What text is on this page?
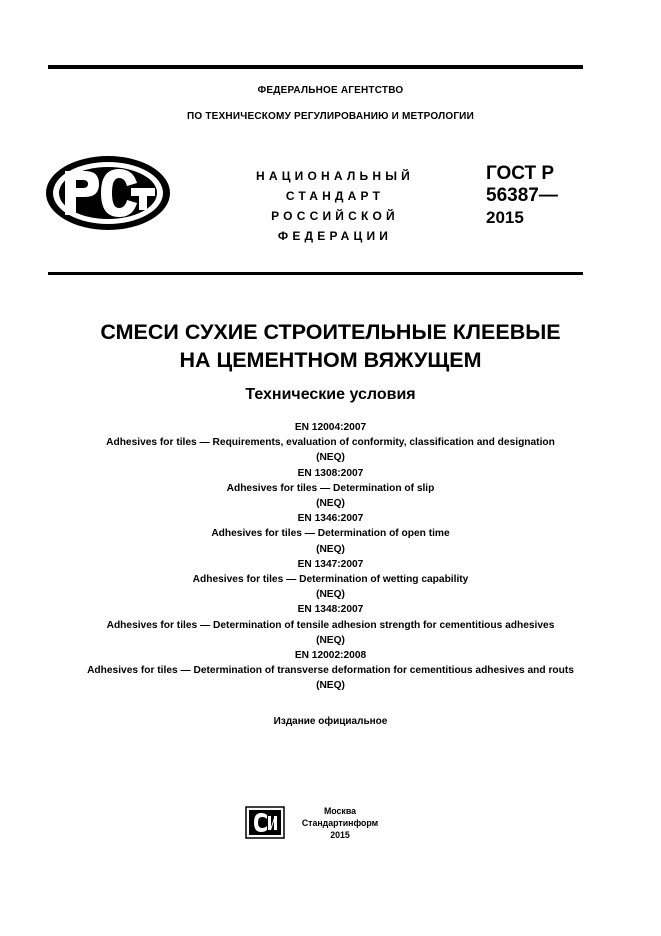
ФЕДЕРАЛЬНОЕ АГЕНТСТВО
ПО ТЕХНИЧЕСКОМУ РЕГУЛИРОВАНИЮ И МЕТРОЛОГИИ
НАЦИОНАЛЬНЫЙ
СТАНДАРТ
РОССИЙСКОЙ
ФЕДЕРАЦИИ
ГОСТ Р
56387—
2015
СМЕСИ СУХИЕ СТРОИТЕЛЬНЫЕ КЛЕЕВЫЕ
НА ЦЕМЕНТНОМ ВЯЖУЩЕМ
Технические условия
EN 12004:2007
Adhesives for tiles — Requirements, evaluation of conformity, classification and designation
(NEQ)
EN 1308:2007
Adhesives for tiles — Determination of slip
(NEQ)
EN 1346:2007
Adhesives for tiles — Determination of open time
(NEQ)
EN 1347:2007
Adhesives for tiles — Determination of wetting capability
(NEQ)
EN 1348:2007
Adhesives for tiles — Determination of tensile adhesion strength for cementitious adhesives
(NEQ)
EN 12002:2008
Adhesives for tiles — Determination of transverse deformation for cementitious adhesives and routs
(NEQ)
Издание официальное
Москва
Стандартинформ
2015
